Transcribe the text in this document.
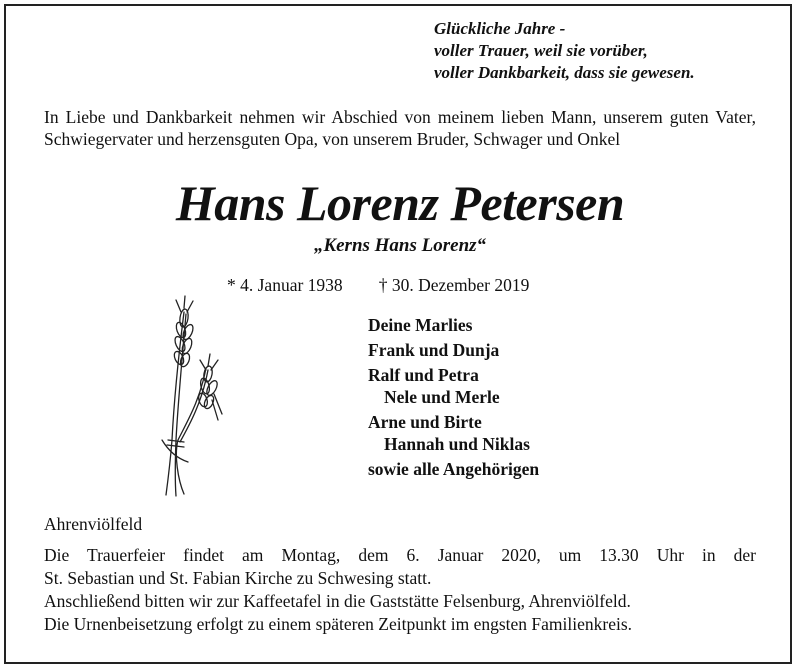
Glückliche Jahre -
voller Trauer, weil sie vorüber,
voller Dankbarkeit, dass sie gewesen.
In Liebe und Dankbarkeit nehmen wir Abschied von meinem lieben Mann, unserem guten Vater, Schwiegervater und herzensguten Opa, von unserem Bruder, Schwager und Onkel
Hans Lorenz Petersen
„Kerns Hans Lorenz“
* 4. Januar 1938 † 30. Dezember 2019
Deine Marlies
Frank und Dunja
Ralf und Petra
Nele und Merle
Arne und Birte
Hannah und Niklas
sowie alle Angehörigen
Ahrenviölfeld

Die Trauerfeier findet am Montag, dem 6. Januar 2020, um 13.30 Uhr in der

St. Sebastian und St. Fabian Kirche zu Schwesing statt.

Anschließend bitten wir zur Kaffeetafel in die Gaststätte Felsenburg, Ahrenviölfeld.

Die Urnenbeisetzung erfolgt zu einem späteren Zeitpunkt im engsten Familienkreis.
